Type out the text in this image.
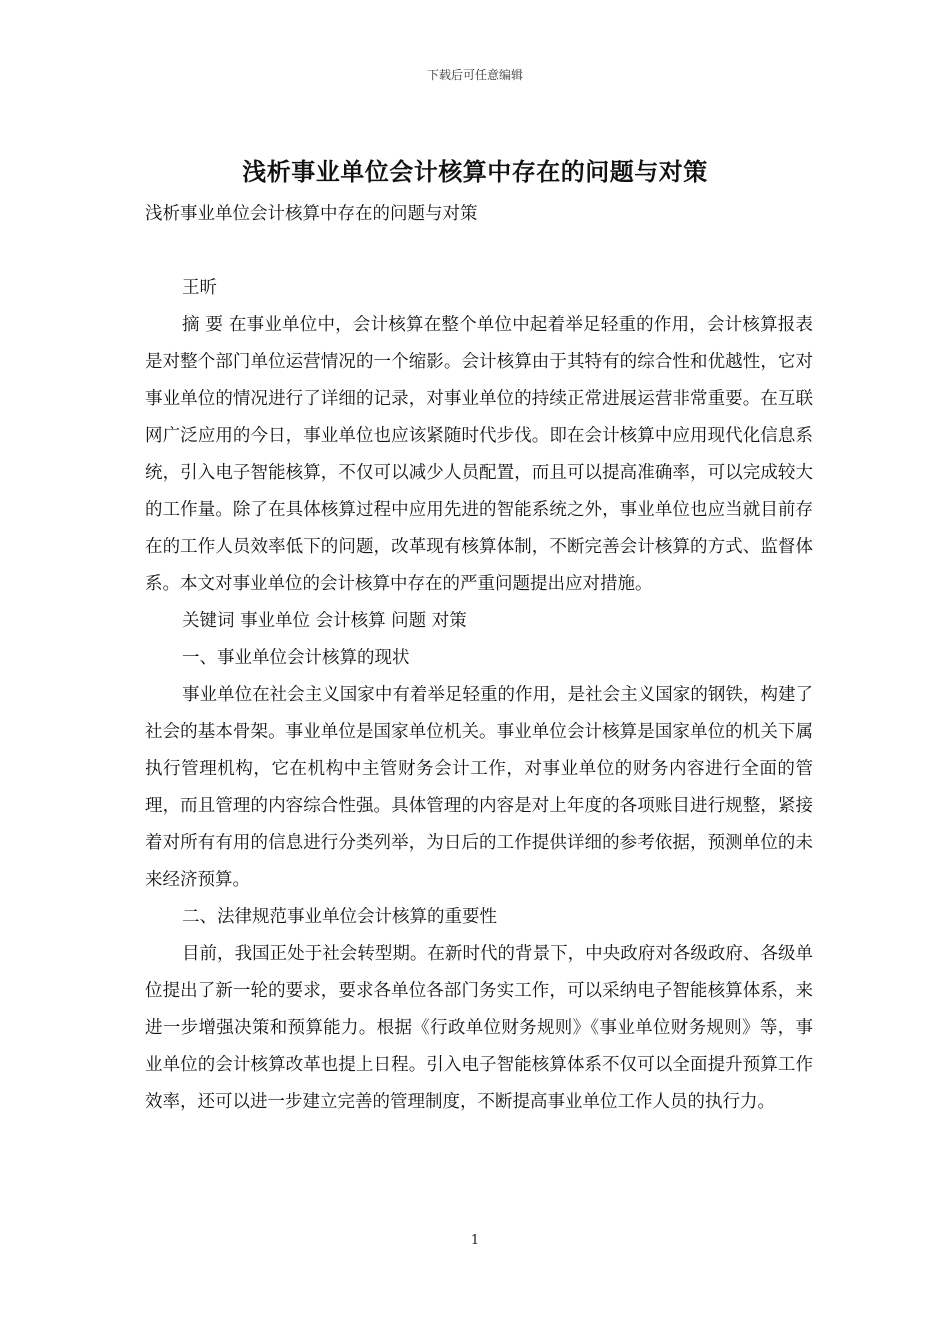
下载后可任意编辑
浅析事业单位会计核算中存在的问题与对策

浅析事业单位会计核算中存在的问题与对策

王昕

摘 要 在事业单位中，会计核算在整个单位中起着举足轻重的作用，会计核算报表是对整个部门单位运营情况的一个缩影。会计核算由于其特有的综合性和优越性，它对事业单位的情况进行了详细的记录，对事业单位的持续正常进展运营非常重要。在互联网广泛应用的今日，事业单位也应该紧随时代步伐。即在会计核算中应用现代化信息系统，引入电子智能核算，不仅可以减少人员配置，而且可以提高准确率，可以完成较大的工作量。除了在具体核算过程中应用先进的智能系统之外，事业单位也应当就目前存在的工作人员效率低下的问题，改革现有核算体制，不断完善会计核算的方式、监督体系。本文对事业单位的会计核算中存在的严重问题提出应对措施。

关键词 事业单位 会计核算 问题 对策

一、事业单位会计核算的现状

事业单位在社会主义国家中有着举足轻重的作用，是社会主义国家的钢铁，构建了社会的基本骨架。事业单位是国家单位机关。事业单位会计核算是国家单位的机关下属执行管理机构，它在机构中主管财务会计工作，对事业单位的财务内容进行全面的管理，而且管理的内容综合性强。具体管理的内容是对上年度的各项账目进行规整，紧接着对所有有用的信息进行分类列举，为日后的工作提供详细的参考依据，预测单位的未来经济预算。

二、法律规范事业单位会计核算的重要性

目前，我国正处于社会转型期。在新时代的背景下，中央政府对各级政府、各级单位提出了新一轮的要求，要求各单位各部门务实工作，可以采纳电子智能核算体系，来进一步增强决策和预算能力。根据《行政单位财务规则》《事业单位财务规则》等，事业单位的会计核算改革也提上日程。引入电子智能核算体系不仅可以全面提升预算工作效率，还可以进一步建立完善的管理制度，不断提高事业单位工作人员的执行力。

1
